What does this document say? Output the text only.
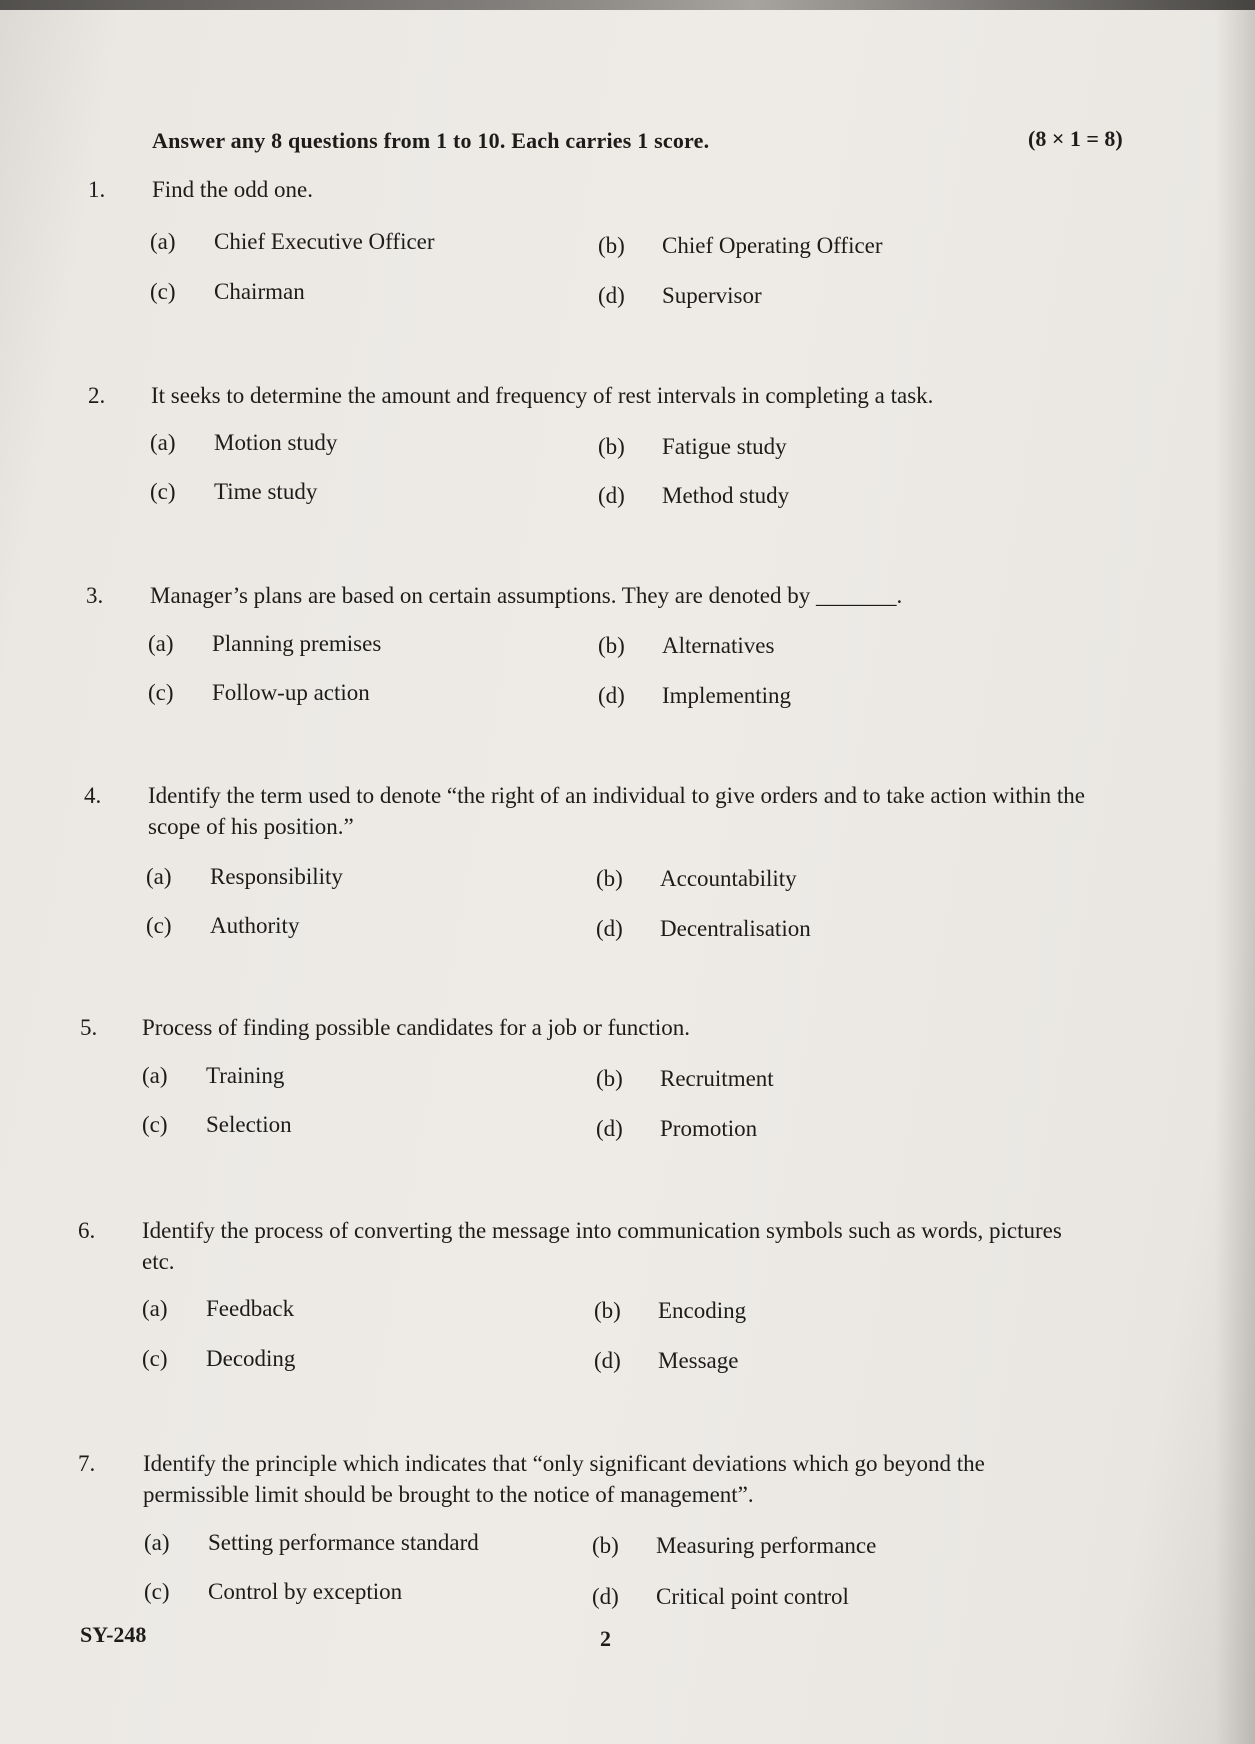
Answer any 8 questions from 1 to 10. Each carries 1 score.	(8 × 1 = 8)
1.	Find the odd one.
(a) Chief Executive Officer	(b) Chief Operating Officer
(c) Chairman	(d) Supervisor
2.	It seeks to determine the amount and frequency of rest intervals in completing a task.
(a) Motion study	(b) Fatigue study
(c) Time study	(d) Method study
3.	Manager’s plans are based on certain assumptions. They are denoted by _______.
(a) Planning premises	(b) Alternatives
(c) Follow-up action	(d) Implementing
4.	Identify the term used to denote “the right of an individual to give orders and to take action within the scope of his position.”
(a) Responsibility	(b) Accountability
(c) Authority	(d) Decentralisation
5.	Process of finding possible candidates for a job or function.
(a) Training	(b) Recruitment
(c) Selection	(d) Promotion
6.	Identify the process of converting the message into communication symbols such as words, pictures etc.
(a) Feedback	(b) Encoding
(c) Decoding	(d) Message
7.	Identify the principle which indicates that “only significant deviations which go beyond the permissible limit should be brought to the notice of management”.
(a) Setting performance standard	(b) Measuring performance
(c) Control by exception	(d) Critical point control
SY-248	2
